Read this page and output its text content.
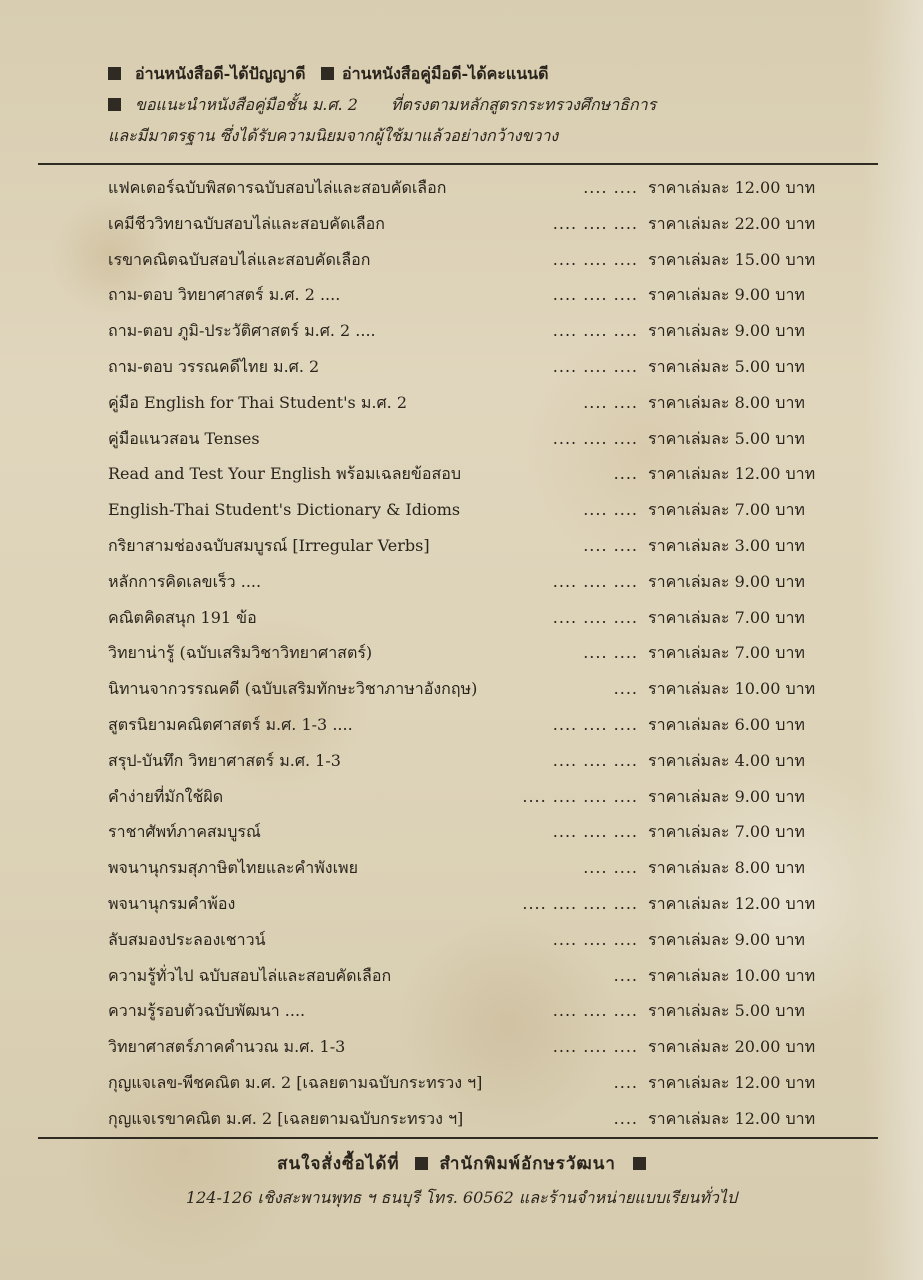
อ่านหนังสือดี-ได้ปัญญาดี อ่านหนังสือคู่มือดี-ได้คะแนนดี
ขอแนะนำหนังสือคู่มือชั้น ม.ศ. 2 ที่ตรงตามหลักสูตรกระทรวงศึกษาธิการ
และมีมาตรฐาน ซึ่งได้รับความนิยมจากผู้ใช้มาแล้วอย่างกว้างขวาง
.... ....
แฟคเตอร์ฉบับพิสดารฉบับสอบไล่และสอบคัดเลือก	ราคาเล่มละ 12.00 บาท
.... .... ....
เคมีชีววิทยาฉบับสอบไล่และสอบคัดเลือก	ราคาเล่มละ 22.00 บาท
.... .... ....
เรขาคณิตฉบับสอบไล่และสอบคัดเลือก	ราคาเล่มละ 15.00 บาท
.... .... ....
ถาม-ตอบ วิทยาศาสตร์ ม.ศ. 2 ....	ราคาเล่มละ 9.00 บาท
.... .... ....
ถาม-ตอบ ภูมิ-ประวัติศาสตร์ ม.ศ. 2 ....	ราคาเล่มละ 9.00 บาท
.... .... ....
ถาม-ตอบ วรรณคดีไทย ม.ศ. 2	ราคาเล่มละ 5.00 บาท
.... ....
คู่มือ English for Thai Student's ม.ศ. 2	ราคาเล่มละ 8.00 บาท
.... .... ....
คู่มือแนวสอน Tenses	ราคาเล่มละ 5.00 บาท
....
Read and Test Your English พร้อมเฉลยข้อสอบ	ราคาเล่มละ 12.00 บาท
.... ....
English-Thai Student's Dictionary & Idioms	ราคาเล่มละ 7.00 บาท
.... ....
กริยาสามช่องฉบับสมบูรณ์ [Irregular Verbs]	ราคาเล่มละ 3.00 บาท
.... .... ....
หลักการคิดเลขเร็ว ....	ราคาเล่มละ 9.00 บาท
.... .... ....
คณิตคิดสนุก 191 ข้อ	ราคาเล่มละ 7.00 บาท
.... ....
วิทยาน่ารู้ (ฉบับเสริมวิชาวิทยาศาสตร์)	ราคาเล่มละ 7.00 บาท
....
นิทานจากวรรณคดี (ฉบับเสริมทักษะวิชาภาษาอังกฤษ)	ราคาเล่มละ 10.00 บาท
.... .... ....
สูตรนิยามคณิตศาสตร์ ม.ศ. 1-3 ....	ราคาเล่มละ 6.00 บาท
.... .... ....
สรุป-บันทึก วิทยาศาสตร์ ม.ศ. 1-3	ราคาเล่มละ 4.00 บาท
.... .... .... ....
คำง่ายที่มักใช้ผิด	ราคาเล่มละ 9.00 บาท
.... .... ....
ราชาศัพท์ภาคสมบูรณ์	ราคาเล่มละ 7.00 บาท
.... ....
พจนานุกรมสุภาษิตไทยและคำพังเพย	ราคาเล่มละ 8.00 บาท
.... .... .... ....
พจนานุกรมคำพ้อง	ราคาเล่มละ 12.00 บาท
.... .... ....
ลับสมองประลองเชาวน์	ราคาเล่มละ 9.00 บาท
....
ความรู้ทั่วไป ฉบับสอบไล่และสอบคัดเลือก	ราคาเล่มละ 10.00 บาท
.... .... ....
ความรู้รอบตัวฉบับพัฒนา ....	ราคาเล่มละ 5.00 บาท
.... .... ....
วิทยาศาสตร์ภาคคำนวณ ม.ศ. 1-3	ราคาเล่มละ 20.00 บาท
....
กุญแจเลข-พีชคณิต ม.ศ. 2 [เฉลยตามฉบับกระทรวง ฯ]	ราคาเล่มละ 12.00 บาท
....
กุญแจเรขาคณิต ม.ศ. 2 [เฉลยตามฉบับกระทรวง ฯ]	ราคาเล่มละ 12.00 บาท
สนใจสั่งซื้อได้ที่ สำนักพิมพ์อักษรวัฒนา
124-126 เชิงสะพานพุทธ ฯ ธนบุรี โทร. 60562 และร้านจำหน่ายแบบเรียนทั่วไป
